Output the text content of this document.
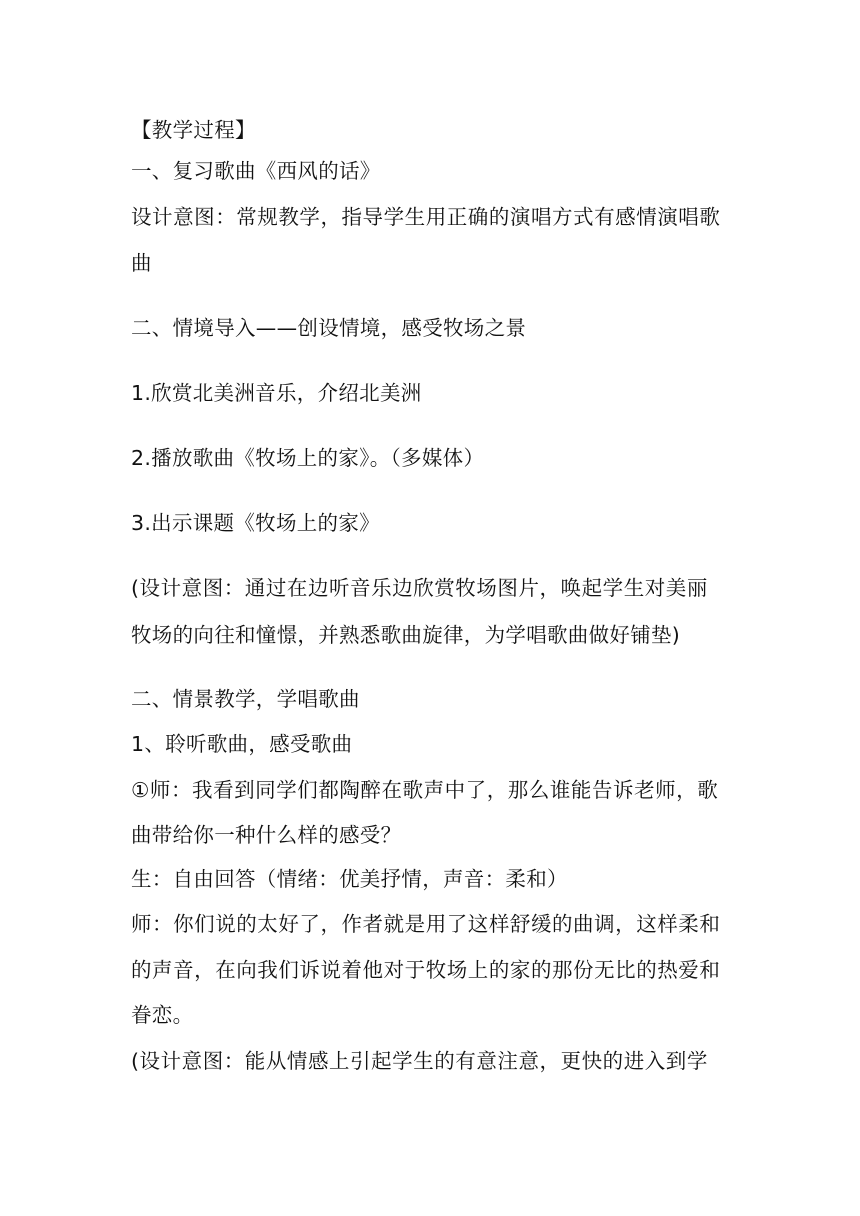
【教学过程】
一、复习歌曲《西风的话》
设计意图：常规教学，指导学生用正确的演唱方式有感情演唱歌
曲
二、情境导入——创设情境，感受牧场之景
1.欣赏北美洲音乐，介绍北美洲
2.播放歌曲《牧场上的家》。（多媒体）
3.出示课题《牧场上的家》
(设计意图：通过在边听音乐边欣赏牧场图片，唤起学生对美丽
牧场的向往和憧憬，并熟悉歌曲旋律，为学唱歌曲做好铺垫)
二、情景教学，学唱歌曲
1、聆听歌曲，感受歌曲
①师：我看到同学们都陶醉在歌声中了，那么谁能告诉老师，歌
曲带给你一种什么样的感受？
生：自由回答（情绪：优美抒情，声音：柔和）
师：你们说的太好了，作者就是用了这样舒缓的曲调，这样柔和
的声音，在向我们诉说着他对于牧场上的家的那份无比的热爱和
眷恋。
(设计意图：能从情感上引起学生的有意注意，更快的进入到学
